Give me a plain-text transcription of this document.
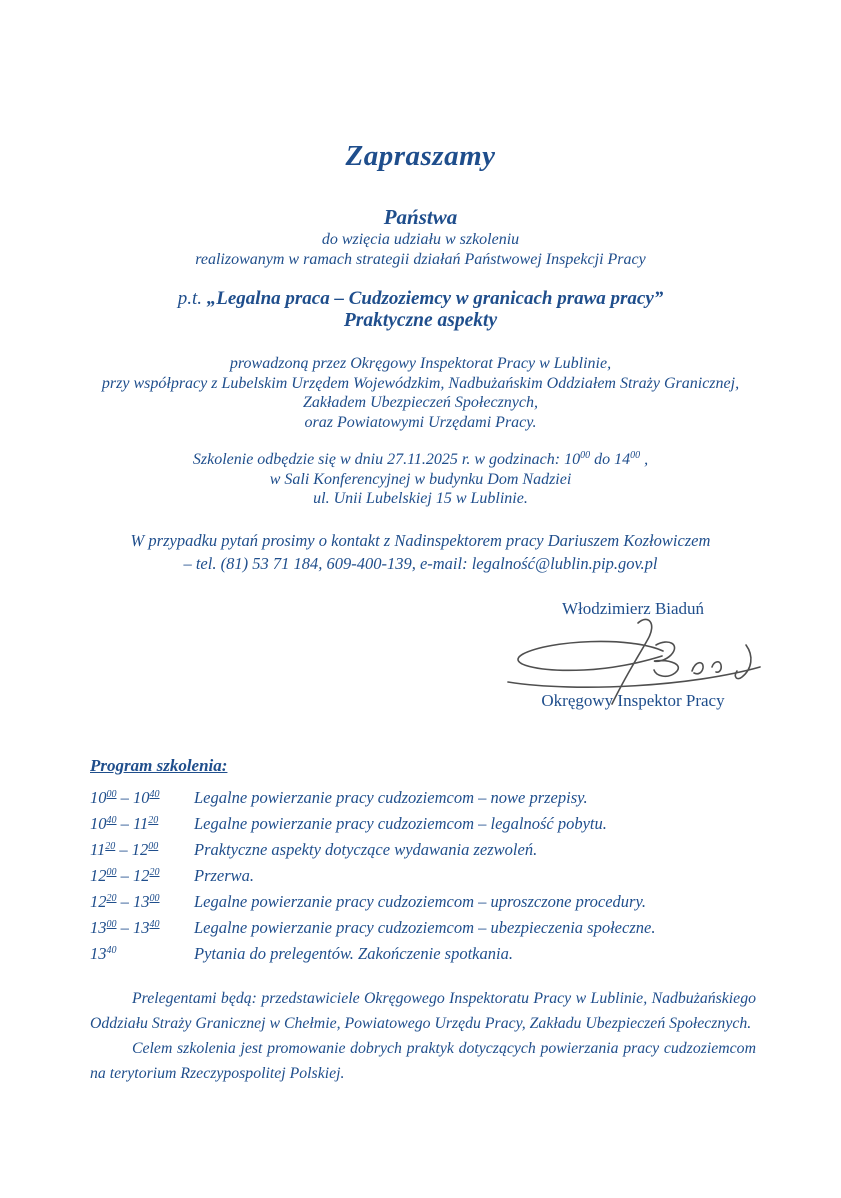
Zapraszamy
Państwa
do wzięcia udziału w szkoleniu
realizowanym w ramach strategii działań Państwowej Inspekcji Pracy
p.t. „Legalna praca – Cudzoziemcy w granicach prawa pracy”
Praktyczne aspekty
prowadzoną przez Okręgowy Inspektorat Pracy w Lublinie,
przy współpracy z Lubelskim Urzędem Wojewódzkim, Nadbużańskim Oddziałem Straży Granicznej,
Zakładem Ubezpieczeń Społecznych,
oraz Powiatowymi Urzędami Pracy.
Szkolenie odbędzie się w dniu 27.11.2025 r. w godzinach: $10^{00}$ do $14^{00}$ ,
w Sali Konferencyjnej w budynku Dom Nadziei
ul. Unii Lubelskiej 15 w Lublinie.
W przypadku pytań prosimy o kontakt z Nadinspektorem pracy Dariuszem Kozłowiczem
– tel. (81) 53 71 184, 609-400-139, e-mail: legalność@lublin.pip.gov.pl
Włodzimierz Biaduń
Okręgowy Inspektor Pracy
Program szkolenia:
$10^{00} - 10^{40}$	Legalne powierzanie pracy cudzoziemcom – nowe przepisy.
$10^{40} - 11^{20}$	Legalne powierzanie pracy cudzoziemcom – legalność pobytu.
$11^{20} - 12^{00}$	Praktyczne aspekty dotyczące wydawania zezwoleń.
$12^{00} - 12^{20}$	Przerwa.
$12^{20} - 13^{00}$	Legalne powierzanie pracy cudzoziemcom – uproszczone procedury.
$13^{00} - 13^{40}$	Legalne powierzanie pracy cudzoziemcom – ubezpieczenia społeczne.
$13^{40}$	Pytania do prelegentów. Zakończenie spotkania.

Prelegentami będą: przedstawiciele Okręgowego Inspektoratu Pracy w Lublinie, Nadbużańskiego Oddziału Straży Granicznej w Chełmie, Powiatowego Urzędu Pracy, Zakładu Ubezpieczeń Społecznych.

Celem szkolenia jest promowanie dobrych praktyk dotyczących powierzania pracy cudzoziemcom na terytorium Rzeczypospolitej Polskiej.
